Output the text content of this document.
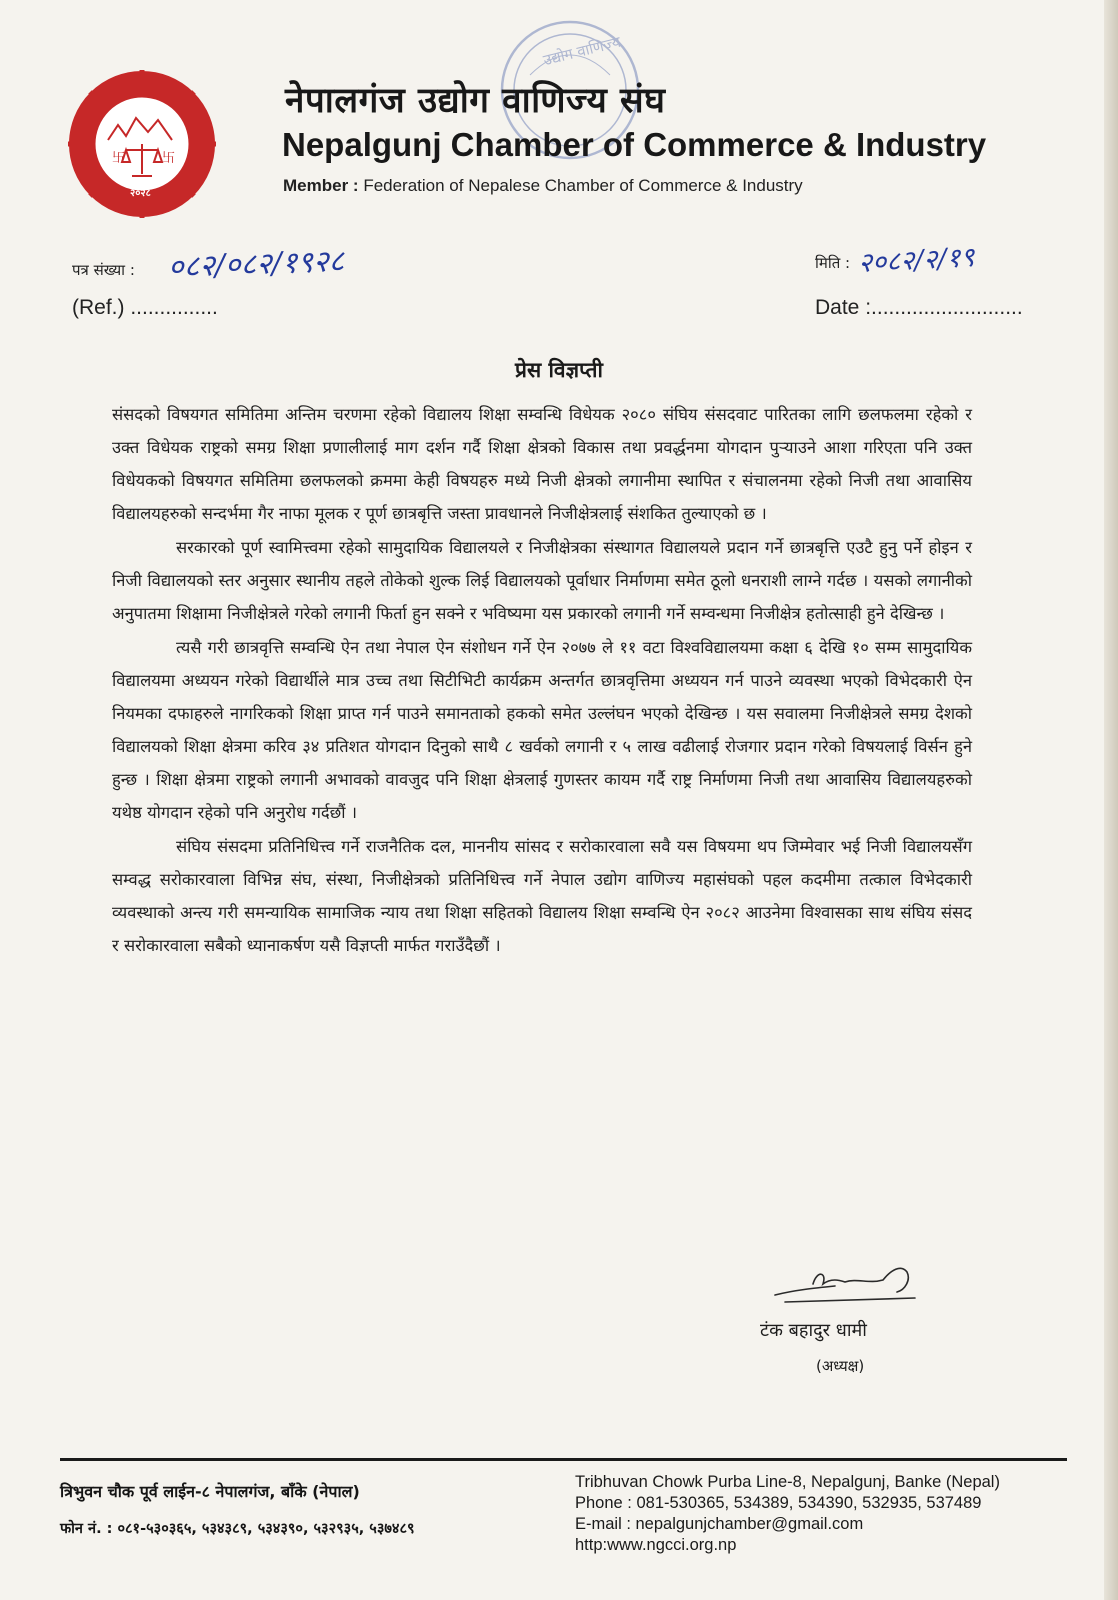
卐	卐
२०२८
उद्योग वाणिज्य
नेपालगंज उद्योग वाणिज्य संघ
Nepalgunj Chamber of Commerce & Industry
Member : Federation of Nepalese Chamber of Commerce & Industry
पत्र संख्या : ०८२/०८२/१९२८
(Ref.) ...............
मिति : २०८२/२/१९
Date :..........................
प्रेस विज्ञप्ती

संसदको विषयगत समितिमा अन्तिम चरणमा रहेको विद्यालय शिक्षा सम्वन्धि विधेयक २०८० संघिय संसदवाट पारितका लागि छलफलमा रहेको र उक्त विधेयक राष्ट्रको समग्र शिक्षा प्रणालीलाई माग दर्शन गर्दै शिक्षा क्षेत्रको विकास तथा प्रवर्द्धनमा योगदान पुऱ्याउने आशा गरिएता पनि उक्त विधेयकको विषयगत समितिमा छलफलको क्रममा केही विषयहरु मध्ये निजी क्षेत्रको लगानीमा स्थापित र संचालनमा रहेको निजी तथा आवासिय विद्यालयहरुको सन्दर्भमा गैर नाफा मूलक र पूर्ण छात्रबृत्ति जस्ता प्रावधानले निजीक्षेत्रलाई संशकित तुल्याएको छ ।

सरकारको पूर्ण स्वामित्त्वमा रहेको सामुदायिक विद्यालयले र निजीक्षेत्रका संस्थागत विद्यालयले प्रदान गर्ने छात्रबृत्ति एउटै हुनु पर्ने होइन र निजी विद्यालयको स्तर अनुसार स्थानीय तहले तोकेको शुल्क लिई विद्यालयको पूर्वाधार निर्माणमा समेत ठूलो धनराशी लाग्ने गर्दछ । यसको लगानीको अनुपातमा शिक्षामा निजीक्षेत्रले गरेको लगानी फिर्ता हुन सक्ने र भविष्यमा यस प्रकारको लगानी गर्ने सम्वन्धमा निजीक्षेत्र हतोत्साही हुने देखिन्छ ।

त्यसै गरी छात्रवृत्ति सम्वन्धि ऐन तथा नेपाल ऐन संशोधन गर्ने ऐन २०७७ ले ११ वटा विश्वविद्यालयमा कक्षा ६ देखि १० सम्म सामुदायिक विद्यालयमा अध्ययन गरेको विद्यार्थीले मात्र उच्च तथा सिटीभिटी कार्यक्रम अन्तर्गत छात्रवृत्तिमा अध्ययन गर्न पाउने व्यवस्था भएको विभेदकारी ऐन नियमका दफाहरुले नागरिकको शिक्षा प्राप्त गर्न पाउने समानताको हकको समेत उल्लंघन भएको देखिन्छ । यस सवालमा निजीक्षेत्रले समग्र देशको विद्यालयको शिक्षा क्षेत्रमा करिव ३४ प्रतिशत योगदान दिनुको साथै ८ खर्वको लगानी र ५ लाख वढीलाई रोजगार प्रदान गरेको विषयलाई विर्सन हुने हुन्छ । शिक्षा क्षेत्रमा राष्ट्रको लगानी अभावको वावजुद पनि शिक्षा क्षेत्रलाई गुणस्तर कायम गर्दै राष्ट्र निर्माणमा निजी तथा आवासिय विद्यालयहरुको यथेष्ठ योगदान रहेको पनि अनुरोध गर्दछौं ।

संघिय संसदमा प्रतिनिधित्त्व गर्ने राजनैतिक दल, माननीय सांसद र सरोकारवाला सवै यस विषयमा थप जिम्मेवार भई निजी विद्यालयसँग सम्वद्ध सरोकारवाला विभिन्न संघ, संस्था, निजीक्षेत्रको प्रतिनिधित्त्व गर्ने नेपाल उद्योग वाणिज्य महासंघको पहल कदमीमा तत्काल विभेदकारी व्यवस्थाको अन्त्य गरी समन्यायिक सामाजिक न्याय तथा शिक्षा सहितको विद्यालय शिक्षा सम्वन्धि ऐन २०८२ आउनेमा विश्वासका साथ संघिय संसद र सरोकारवाला सबैको ध्यानाकर्षण यसै विज्ञप्ती मार्फत गराउँदैछौं ।

टंक बहादुर धामी
(अध्यक्ष)
त्रिभुवन चौक पूर्व लाईन-८ नेपालगंज, बाँके (नेपाल)
फोन नं. : ०८१-५३०३६५, ५३४३८९, ५३४३९०, ५३२९३५, ५३७४८९
Tribhuvan Chowk Purba Line-8, Nepalgunj, Banke (Nepal)
Phone : 081-530365, 534389, 534390, 532935, 537489
E-mail : nepalgunjchamber@gmail.com
http:www.ngcci.org.np
